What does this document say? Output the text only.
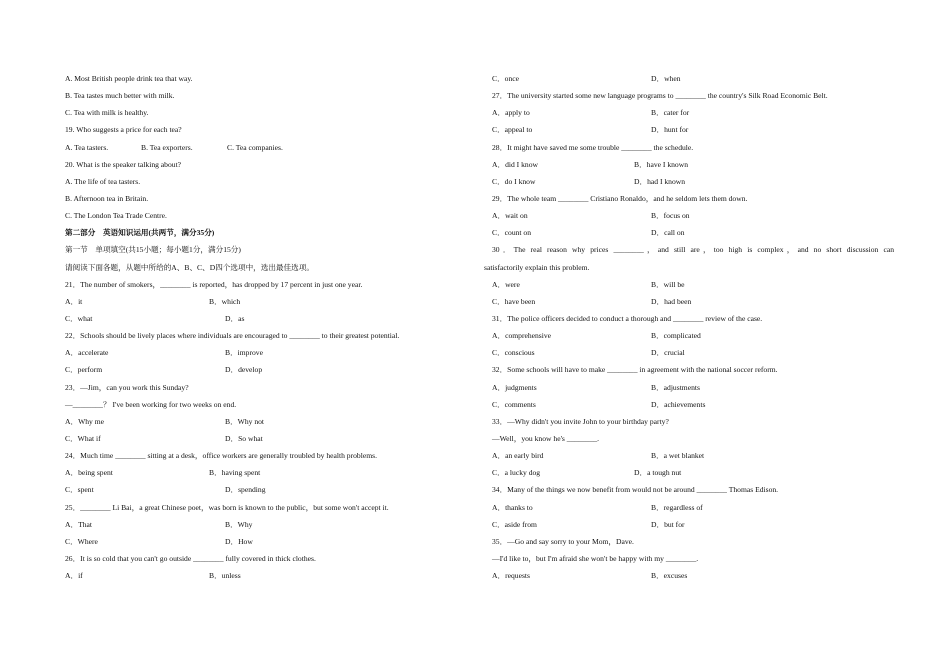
A. Most British people drink tea that way.
B. Tea tastes much better with milk.
C. Tea with milk is healthy.
19. Who suggests a price for each tea?
A. Tea tasters.	B. Tea exporters.	C. Tea companies.
20. What is the speaker talking about?
A. The life of tea tasters.
B. Afternoon tea in Britain.
C. The London Tea Trade Centre.
第二部分　英语知识运用(共两节，满分35分)
第一节　单项填空(共15小题；每小题1分，满分15分)
请阅读下面各题，从题中所给的A、B、C、D四个选项中，选出最佳选项。
21．The number of smokers，________ is reported，has dropped by 17 percent in just one year.
A．it	B．which
C．what	D．as
22．Schools should be lively places where individuals are encouraged to ________ to their greatest potential.
A．accelerate	B．improve
C．perform	D．develop
23．—Jim，can you work this Sunday?
—________？ I've been working for two weeks on end.
A．Why me	B．Why not
C．What if	D．So what
24．Much time ________ sitting at a desk，office workers are generally troubled by health problems.
A．being spent	B．having spent
C．spent	D．spending
25．________ Li Bai，a great Chinese poet，was born is known to the public，but some won't accept it.
A．That	B．Why
C．Where	D．How
26．It is so cold that you can't go outside ________ fully covered in thick clothes.
A．if	B．unless
C．once	D．when
27．The university started some new language programs to ________ the country's Silk Road Economic Belt.
A．apply to	B．cater for
C．appeal to	D．hunt for
28．It might have saved me some trouble ________ the schedule.
A．did I know	B．have I known
C．do I know	D．had I known
29．The whole team ________ Cristiano Ronaldo，and he seldom lets them down.
A．wait on	B．focus on
C．count on	D．call on
30．The real reason why prices ________，and still are，too high is complex，and no short discussion can
satisfactorily explain this problem.
A．were	B．will be
C．have been	D．had been
31．The police officers decided to conduct a thorough and ________ review of the case.
A．comprehensive	B．complicated
C．conscious	D．crucial
32．Some schools will have to make ________ in agreement with the national soccer reform.
A．judgments	B．adjustments
C．comments	D．achievements
33．—Why didn't you invite John to your birthday party?
—Well，you know he's ________.
A．an early bird	B．a wet blanket
C．a lucky dog	D．a tough nut
34．Many of the things we now benefit from would not be around ________ Thomas Edison.
A．thanks to	B．regardless of
C．aside from	D．but for
35．—Go and say sorry to your Mom，Dave.
—I'd like to，but I'm afraid she won't be happy with my ________.
A．requests	B．excuses
